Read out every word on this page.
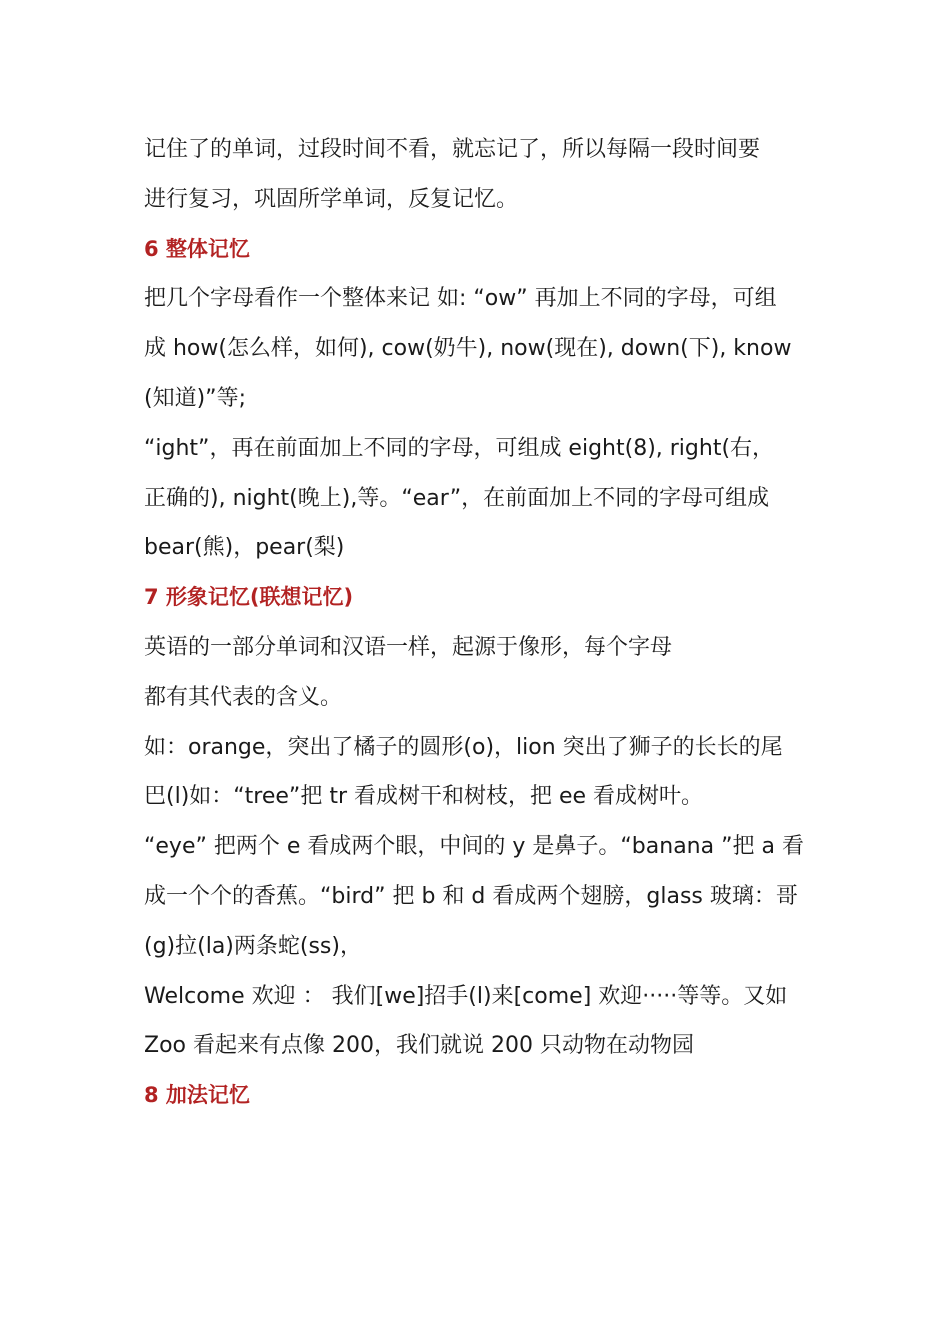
记住了的单词，过段时间不看，就忘记了，所以每隔一段时间要
进行复习，巩固所学单词，反复记忆。
6 整体记忆
把几个字母看作一个整体来记 如: “ow” 再加上不同的字母，可组
成 how(怎么样，如何), cow(奶牛), now(现在), down(下), know
(知道)”等;
“ight”，再在前面加上不同的字母，可组成 eight(8), right(右，
正确的), night(晚上),等。“ear”，在前面加上不同的字母可组成
bear(熊)，pear(梨)
7 形象记忆(联想记忆)
英语的一部分单词和汉语一样，起源于像形，每个字母
都有其代表的含义。
如：orange，突出了橘子的圆形(o)，lion 突出了狮子的长长的尾
巴(l)如：“tree”把 tr 看成树干和树枝，把 ee 看成树叶。
“eye” 把两个 e 看成两个眼，中间的 y 是鼻子。“banana ”把 a 看
成一个个的香蕉。“bird” 把 b 和 d 看成两个翅膀，glass 玻璃：哥
(g)拉(la)两条蛇(ss)，
Welcome 欢迎 ： 我们[we]招手(l)来[come] 欢迎·····等等。又如
Zoo 看起来有点像 200，我们就说 200 只动物在动物园
8 加法记忆
